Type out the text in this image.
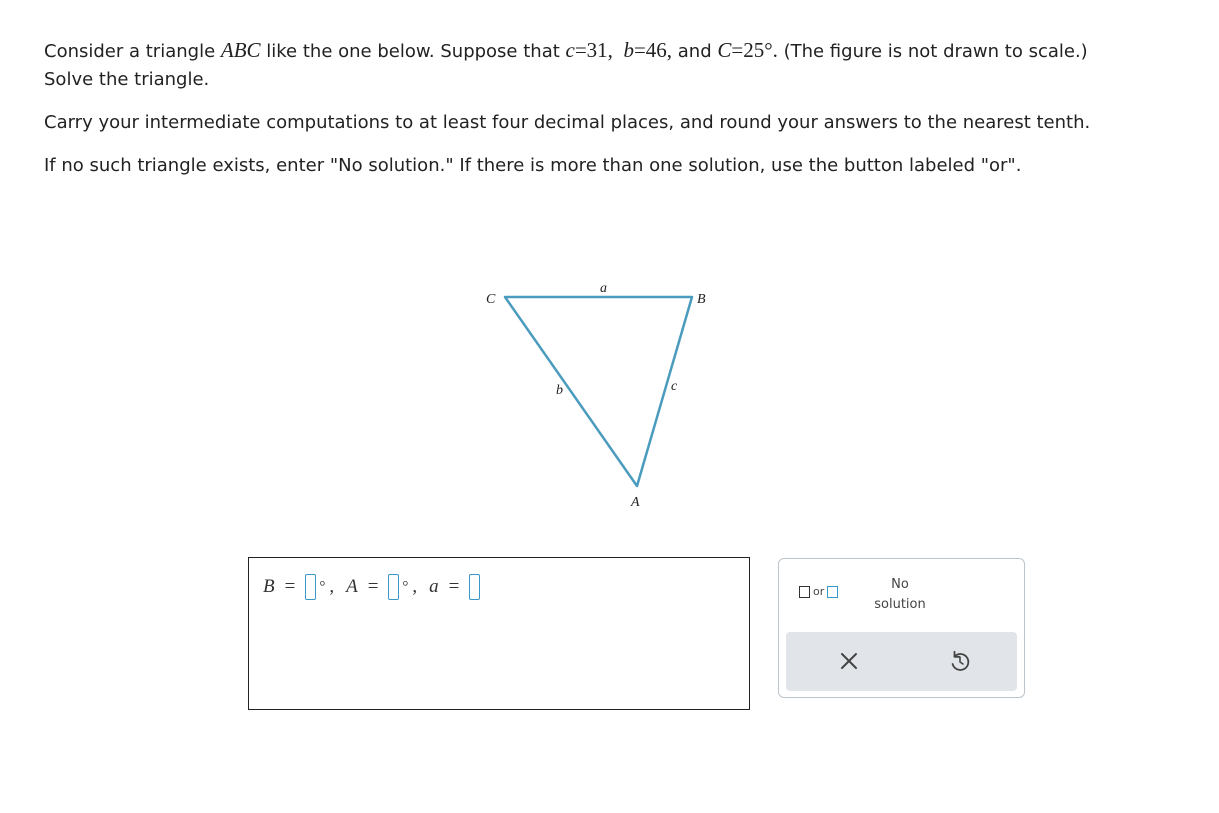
Consider a triangle ABC like the one below. Suppose that c=31, b=46, and C=25°. (The figure is not drawn to scale.)
Solve the triangle.
Carry your intermediate computations to at least four decimal places, and round your answers to the nearest tenth.
If no such triangle exists, enter "No solution." If there is more than one solution, use the button labeled "or".
C	B
A
a
b	c
B = ° , A = ° , a =	or	No
solution
